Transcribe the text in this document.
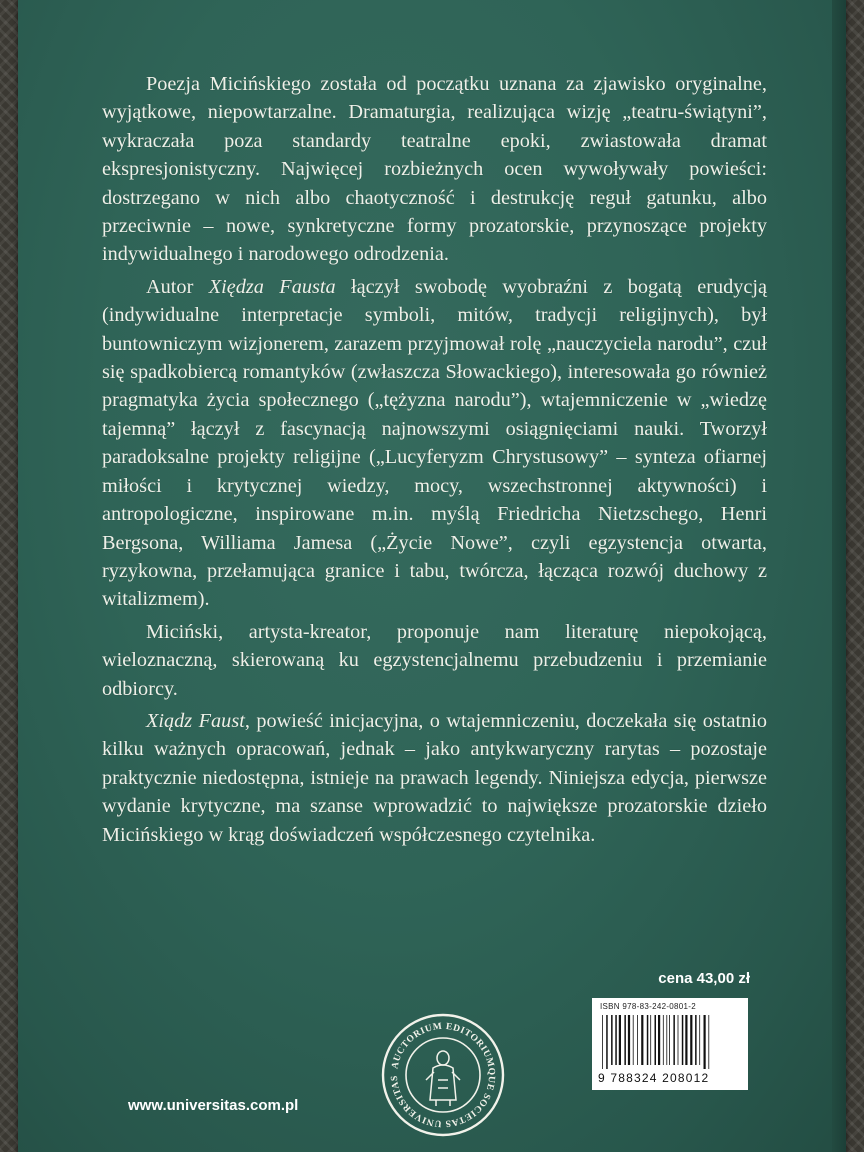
Poezja Micińskiego została od początku uznana za zjawisko oryginalne, wyjątkowe, niepowtarzalne. Dramaturgia, realizująca wizję „teatru-świątyni”, wykraczała poza standardy teatralne epoki, zwiastowała dramat ekspresjonistyczny. Najwięcej rozbieżnych ocen wywoływały powieści: dostrzegano w nich albo chaotyczność i destrukcję reguł gatunku, albo przeciwnie – nowe, synkretyczne formy prozatorskie, przynoszące projekty indywidualnego i narodowego odrodzenia.

Autor Xiędza Fausta łączył swobodę wyobraźni z bogatą erudycją (indywidualne interpretacje symboli, mitów, tradycji religijnych), był buntowniczym wizjonerem, zarazem przyjmował rolę „nauczyciela narodu”, czuł się spadkobiercą romantyków (zwłaszcza Słowackiego), interesowała go również pragmatyka życia społecznego („tężyzna narodu”), wtajemniczenie w „wiedzę tajemną” łączył z fascynacją najnowszymi osiągnięciami nauki. Tworzył paradoksalne projekty religijne („Lucyferyzm Chrystusowy” – synteza ofiarnej miłości i krytycznej wiedzy, mocy, wszechstronnej aktywności) i antropologiczne, inspirowane m.in. myślą Friedricha Nietzschego, Henri Bergsona, Williama Jamesa („Życie Nowe”, czyli egzystencja otwarta, ryzykowna, przełamująca granice i tabu, twórcza, łącząca rozwój duchowy z witalizmem).

Miciński, artysta-kreator, proponuje nam literaturę niepokojącą, wieloznaczną, skierowaną ku egzystencjalnemu przebudzeniu i przemianie odbiorcy.

Xiądz Faust, powieść inicjacyjna, o wtajemniczeniu, doczekała się ostatnio kilku ważnych opracowań, jednak – jako antykwaryczny rarytas – pozostaje praktycznie niedostępna, istnieje na prawach legendy. Niniejsza edycja, pierwsze wydanie krytyczne, ma szanse wprowadzić to największe prozatorskie dzieło Micińskiego w krąg doświadczeń współczesnego czytelnika.

cena 43,00 zł
ISBN 978-83-242-0801-2
9 788324 208012
AUCTORIUM EDITORIUMQUE SOCIETAS UNIVERSITAS
www.universitas.com.pl
